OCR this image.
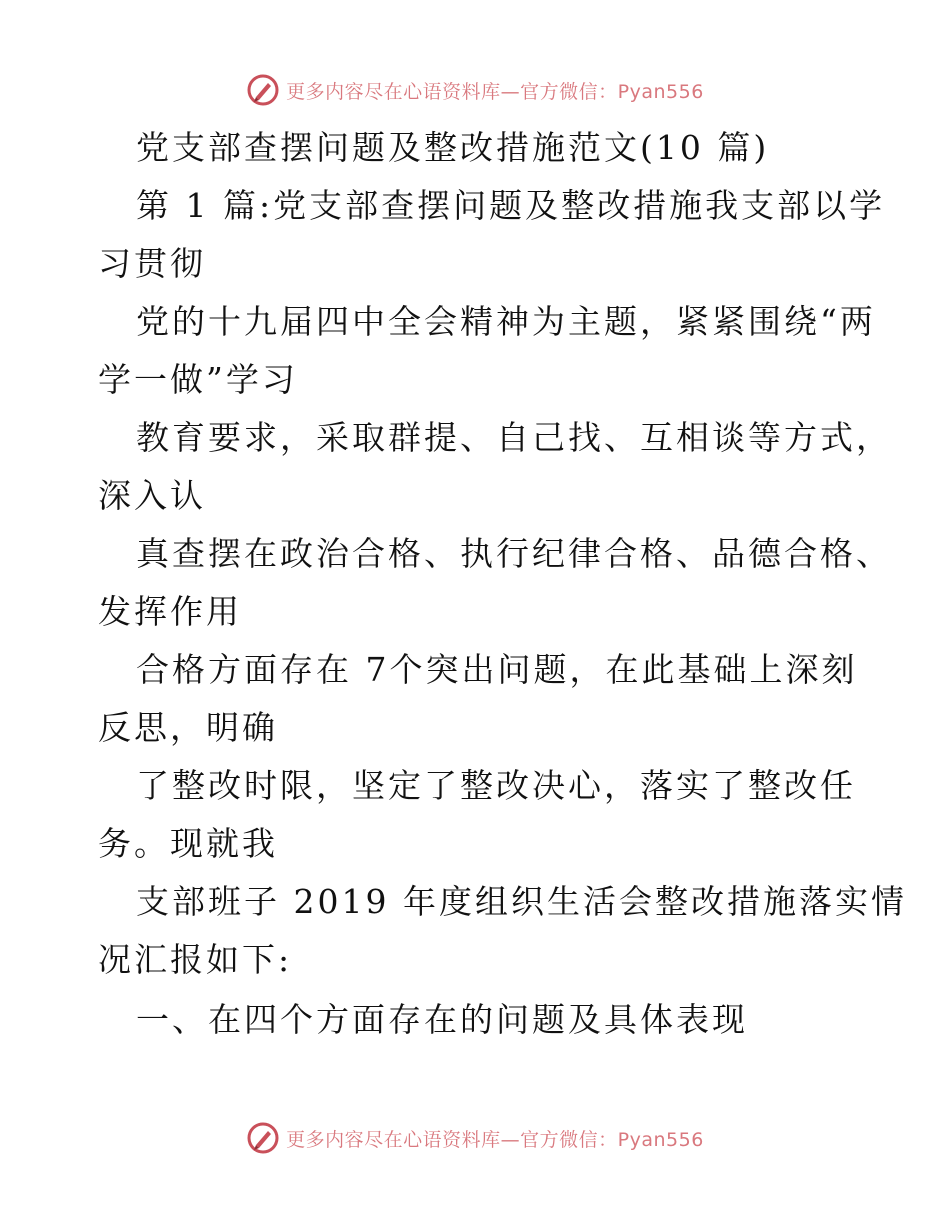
更多内容尽在心语资料库—官方微信：Pyan556
党支部查摆问题及整改措施范文(10 篇)
第 1 篇:党支部查摆问题及整改措施我支部以学
习贯彻
党的十九届四中全会精神为主题，紧紧围绕“两
学一做”学习
教育要求，采取群提、自己找、互相谈等方式，
深入认
真查摆在政治合格、执行纪律合格、品德合格、
发挥作用
合格方面存在 7个突出问题，在此基础上深刻
反思，明确
了整改时限，坚定了整改决心，落实了整改任
务。现就我
支部班子 2019 年度组织生活会整改措施落实情
况汇报如下:
一、在四个方面存在的问题及具体表现
更多内容尽在心语资料库—官方微信：Pyan556
